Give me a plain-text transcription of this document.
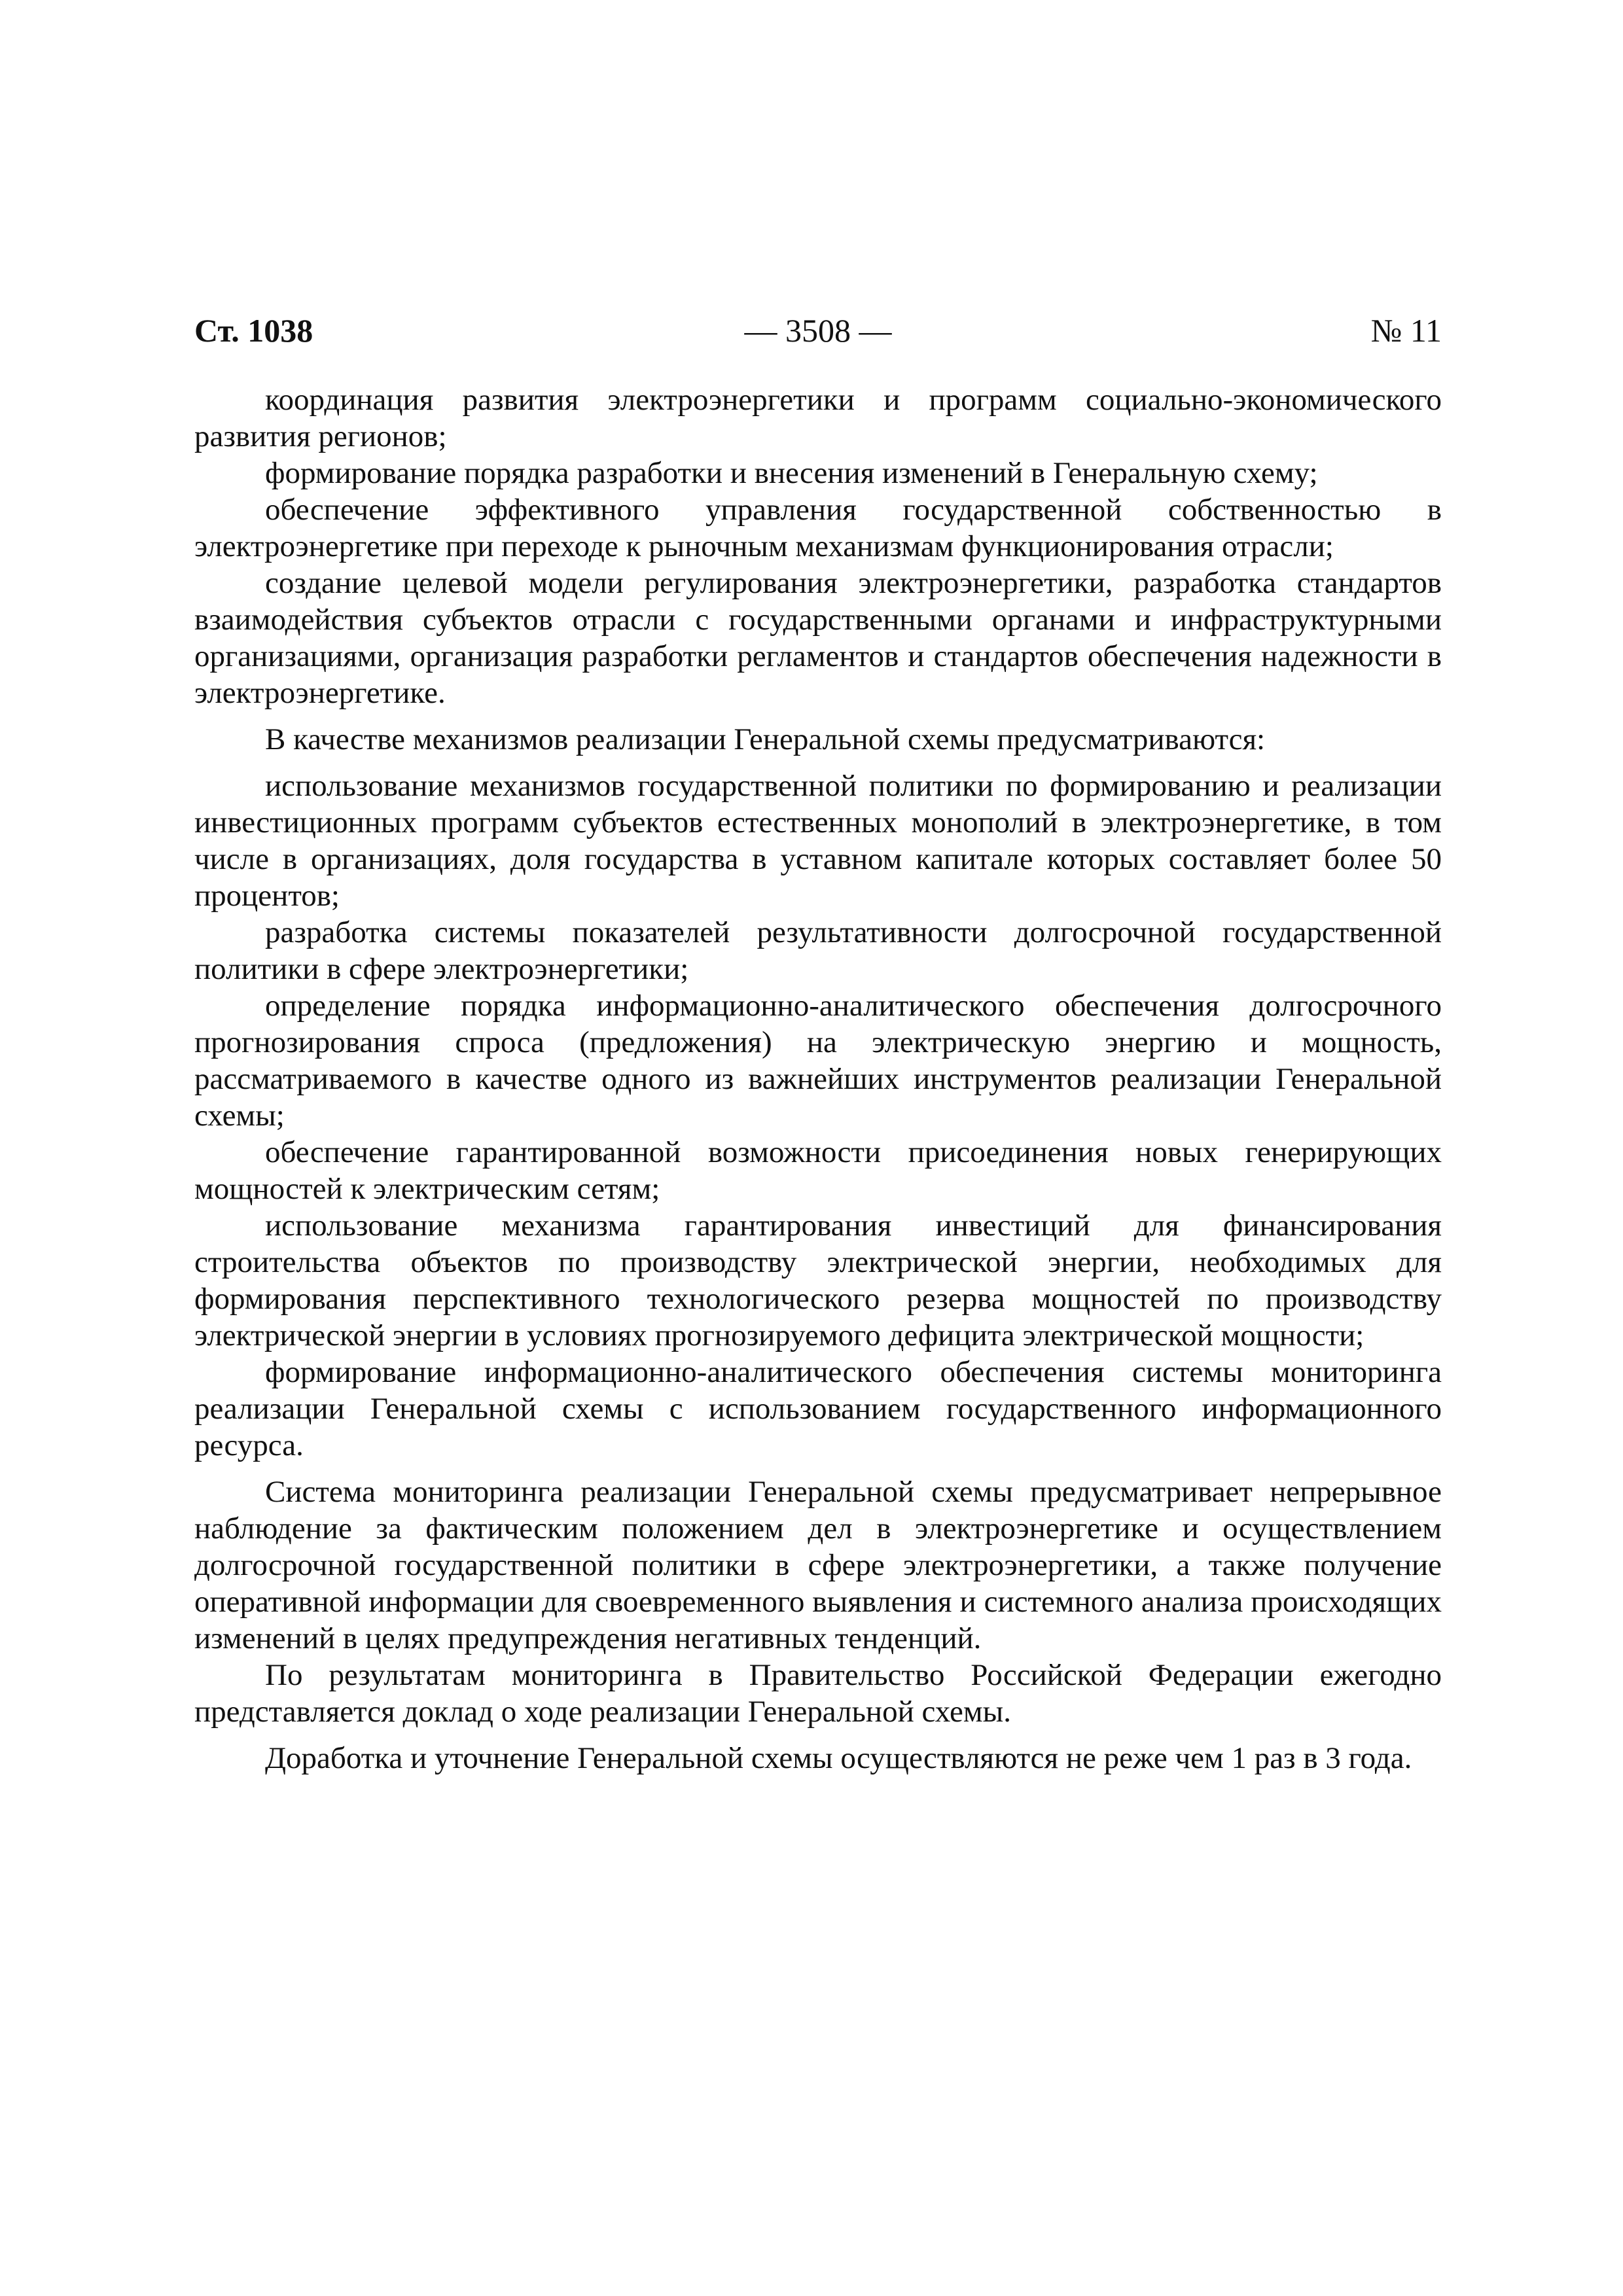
— 3508 —
Ст. 1038	№ 11

координация развития электроэнергетики и программ социально-экономического развития регионов;

формирование порядка разработки и внесения изменений в Генеральную схему;

обеспечение эффективного управления государственной собственностью в электроэнергетике при переходе к рыночным механизмам функционирования отрасли;

создание целевой модели регулирования электроэнергетики, разработка стандартов взаимодействия субъектов отрасли с государственными органами и инфраструктурными организациями, организация разработки регламентов и стандартов обеспечения надежности в электроэнергетике.

В качестве механизмов реализации Генеральной схемы предусматриваются:

использование механизмов государственной политики по формированию и реализации инвестиционных программ субъектов естественных монополий в электроэнергетике, в том числе в организациях, доля государства в уставном капитале которых составляет более 50 процентов;

разработка системы показателей результативности долгосрочной государственной политики в сфере электроэнергетики;

определение порядка информационно-аналитического обеспечения долгосрочного прогнозирования спроса (предложения) на электрическую энергию и мощность, рассматриваемого в качестве одного из важнейших инструментов реализации Генеральной схемы;

обеспечение гарантированной возможности присоединения новых генерирующих мощностей к электрическим сетям;

использование механизма гарантирования инвестиций для финансирования строительства объектов по производству электрической энергии, необходимых для формирования перспективного технологического резерва мощностей по производству электрической энергии в условиях прогнозируемого дефицита электрической мощности;

формирование информационно-аналитического обеспечения системы мониторинга реализации Генеральной схемы с использованием государственного информационного ресурса.

Система мониторинга реализации Генеральной схемы предусматривает непрерывное наблюдение за фактическим положением дел в электроэнергетике и осуществлением долгосрочной государственной политики в сфере электроэнергетики, а также получение оперативной информации для своевременного выявления и системного анализа происходящих изменений в целях предупреждения негативных тенденций.

По результатам мониторинга в Правительство Российской Федерации ежегодно представляется доклад о ходе реализации Генеральной схемы.

Доработка и уточнение Генеральной схемы осуществляются не реже чем 1 раз в 3 года.
